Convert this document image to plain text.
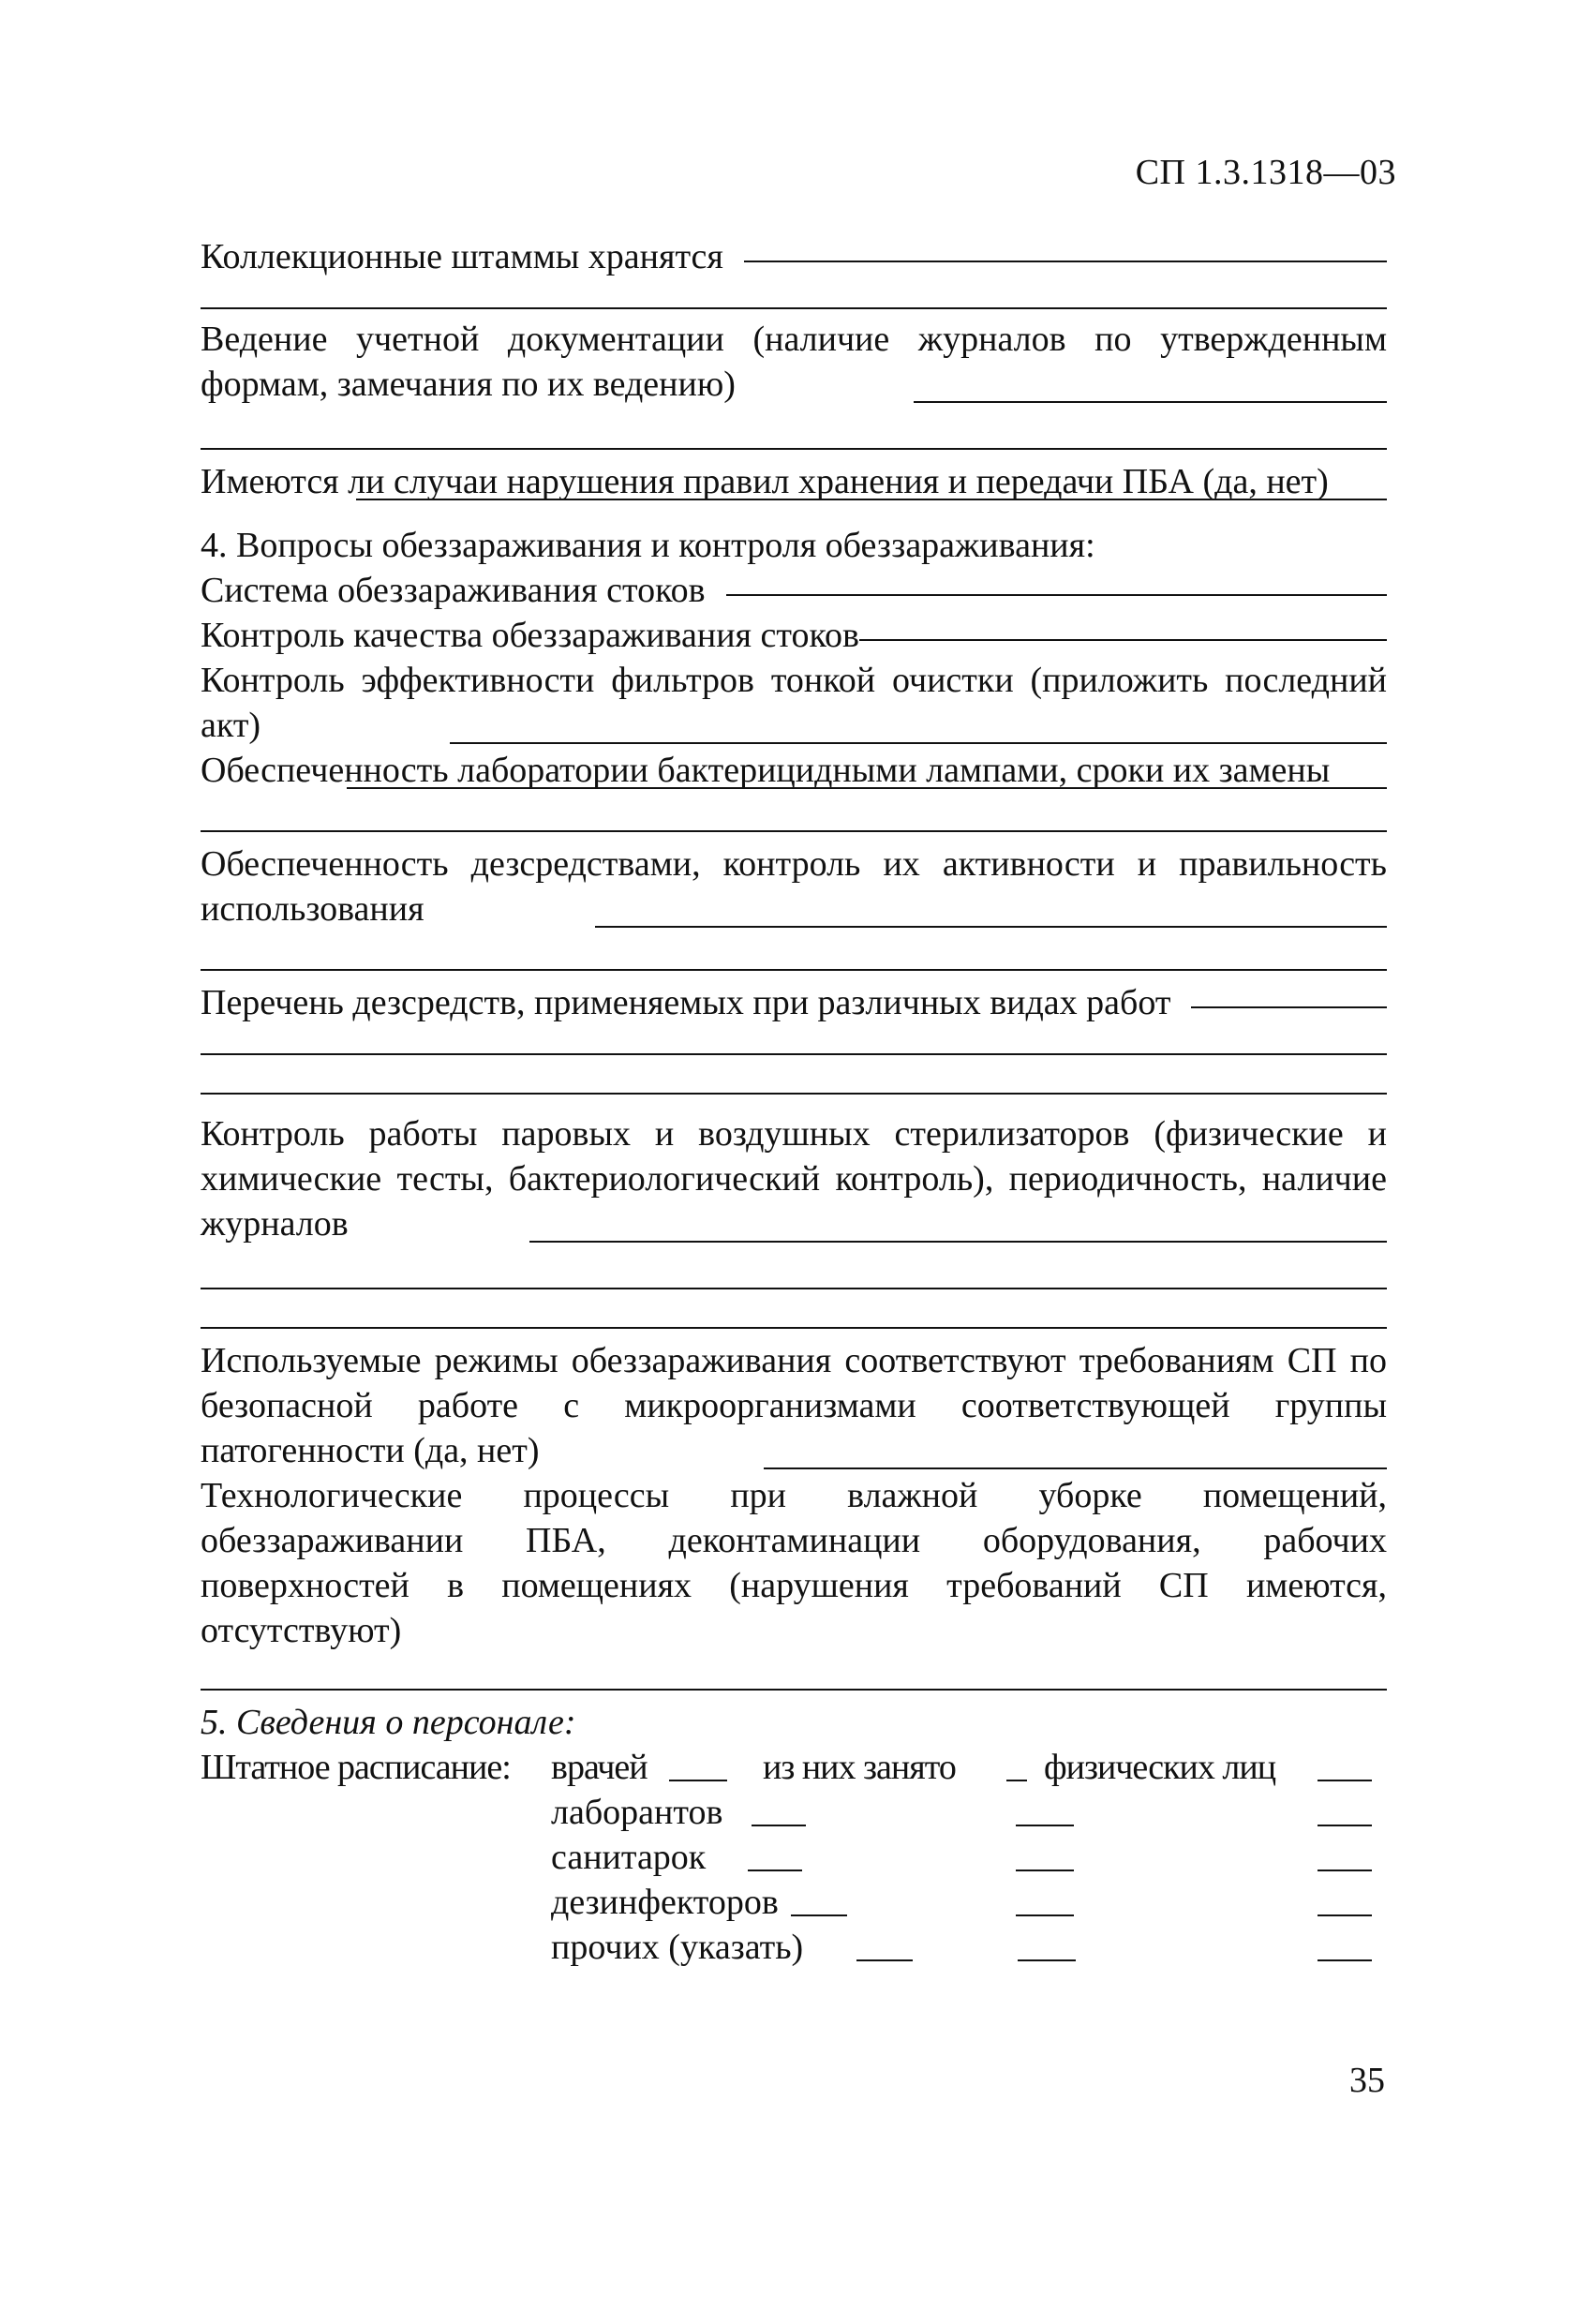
СП 1.3.1318—03
Коллекционные штаммы хранятся
Ведение учетной документации (наличие журналов по утвержденным формам, замечания по их ведению)
Имеются ли случаи нарушения правил хранения и передачи ПБА (да, нет)
4. Вопросы обеззараживания и контроля обеззараживания:
Система обеззараживания стоков
Контроль качества обеззараживания стоков
Контроль эффективности фильтров тонкой очистки (приложить последний акт)
Обеспеченность лаборатории бактерицидными лампами, сроки их замены
Обеспеченность дезсредствами, контроль их активности и правильность использования
Перечень дезсредств, применяемых при различных видах работ
Контроль работы паровых и воздушных стерилизаторов (физические и химические тесты, бактериологический контроль), периодичность, наличие журналов
Используемые режимы обеззараживания соответствуют требованиям СП по безопасной работе с микроорганизмами соответствующей группы патогенности (да, нет)
Технологические процессы при влажной уборке помещений, обеззараживании ПБА, деконтаминации оборудования, рабочих поверхностей в помещениях (нарушения требований СП имеются, отсутствуют)
5. Сведения о персонале:
Штатное расписание: врачей	из них занято физических лиц
лаборантов
санитарок
дезинфекторов
прочих (указать)
35
